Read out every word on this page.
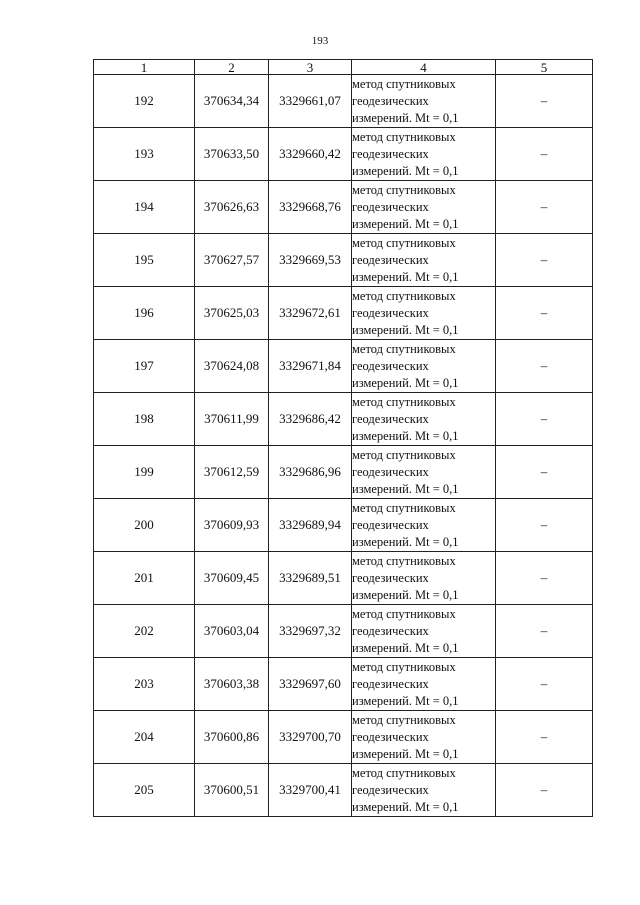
193
1	2	3	4	5
192	370634,34	3329661,07	метод спутниковых
геодезических
измерений. Mt = 0,1	–
193	370633,50	3329660,42	метод спутниковых
геодезических
измерений. Mt = 0,1	–
194	370626,63	3329668,76	метод спутниковых
геодезических
измерений. Mt = 0,1	–
195	370627,57	3329669,53	метод спутниковых
геодезических
измерений. Mt = 0,1	–
196	370625,03	3329672,61	метод спутниковых
геодезических
измерений. Mt = 0,1	–
197	370624,08	3329671,84	метод спутниковых
геодезических
измерений. Mt = 0,1	–
198	370611,99	3329686,42	метод спутниковых
геодезических
измерений. Mt = 0,1	–
199	370612,59	3329686,96	метод спутниковых
геодезических
измерений. Mt = 0,1	–
200	370609,93	3329689,94	метод спутниковых
геодезических
измерений. Mt = 0,1	–
201	370609,45	3329689,51	метод спутниковых
геодезических
измерений. Mt = 0,1	–
202	370603,04	3329697,32	метод спутниковых
геодезических
измерений. Mt = 0,1	–
203	370603,38	3329697,60	метод спутниковых
геодезических
измерений. Mt = 0,1	–
204	370600,86	3329700,70	метод спутниковых
геодезических
измерений. Mt = 0,1	–
205	370600,51	3329700,41	метод спутниковых
геодезических
измерений. Mt = 0,1	–
